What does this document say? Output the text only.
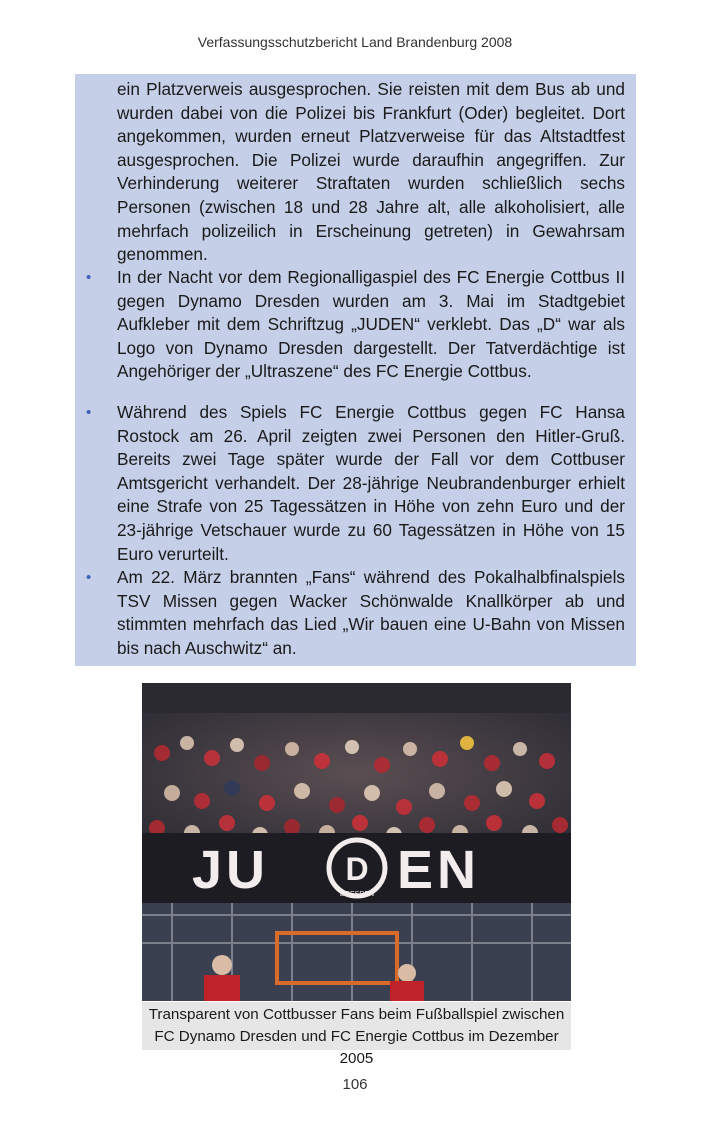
Verfassungsschutzbericht Land Brandenburg 2008

ein Platzverweis ausgesprochen. Sie reisten mit dem Bus ab und wurden dabei von die Polizei bis Frankfurt (Oder) begleitet. Dort angekommen, wurden erneut Platzverweise für das Altstadtfest ausgesprochen. Die Polizei wurde daraufhin angegriffen. Zur Verhinderung weiterer Straftaten wurden schließlich sechs Personen (zwischen 18 und 28 Jahre alt, alle alkoholisiert, alle mehrfach polizeilich in Erscheinung getreten) in Gewahrsam genommen.

• In der Nacht vor dem Regionalligaspiel des FC Energie Cottbus II gegen Dynamo Dresden wurden am 3. Mai im Stadtgebiet Aufkleber mit dem Schriftzug „JUDEN“ verklebt. Das „D“ war als Logo von Dynamo Dresden dargestellt. Der Tatverdächtige ist Angehöriger der „Ultraszene“ des FC Energie Cottbus.

• Während des Spiels FC Energie Cottbus gegen FC Hansa Rostock am 26. April zeigten zwei Personen den Hitler-Gruß. Bereits zwei Tage später wurde der Fall vor dem Cottbuser Amtsgericht verhandelt. Der 28-jährige Neubrandenburger erhielt eine Strafe von 25 Tagessätzen in Höhe von zehn Euro und der 23-jährige Vetschauer wurde zu 60 Tagessätzen in Höhe von 15 Euro verurteilt.

• Am 22. März brannten „Fans“ während des Pokalhalbfinalspiels TSV Missen gegen Wacker Schönwalde Knallkörper ab und stimmten mehrfach das Lied „Wir bauen eine U-Bahn von Missen bis nach Auschwitz“ an.

JU D
DRESDEN EN

Transparent von Cottbusser Fans beim Fußballspiel zwischen FC Dynamo Dresden und FC Energie Cottbus im Dezember 2005

106
